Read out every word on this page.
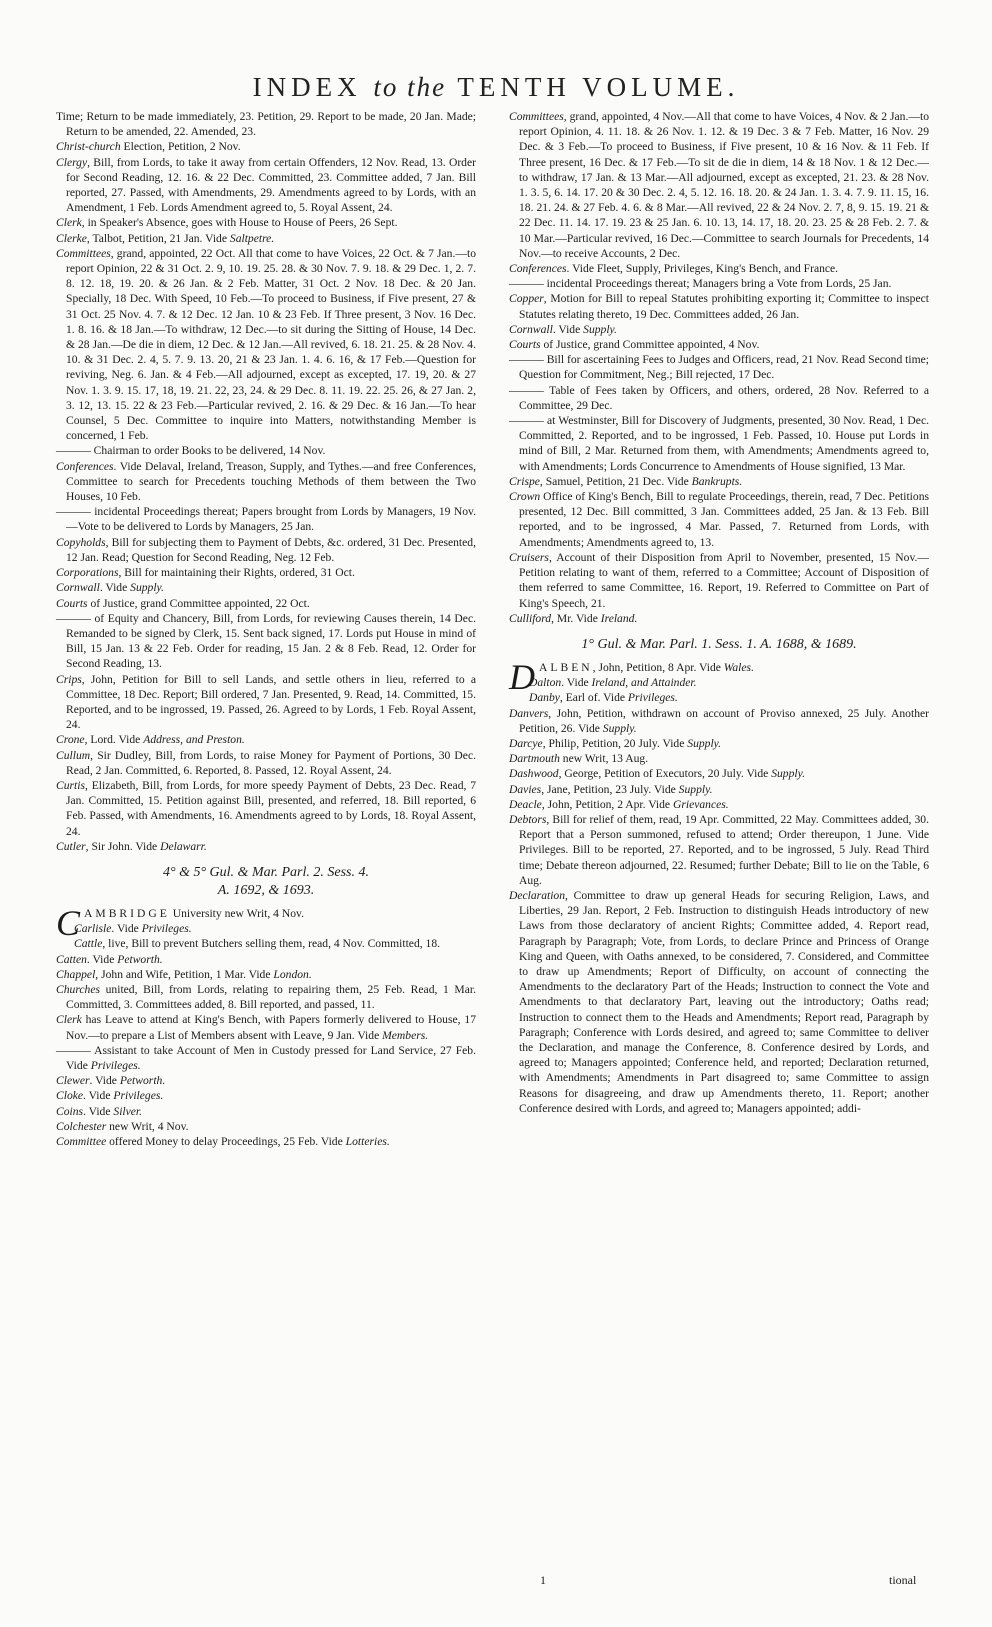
INDEX to the TENTH VOLUME.

Time; Return to be made immediately, 23. Petition, 29. Report to be made, 20 Jan. Made; Return to be amended, 22. Amended, 23.

Christ-church Election, Petition, 2 Nov.

Clergy, Bill, from Lords, to take it away from certain Offenders, 12 Nov. Read, 13. Order for Second Reading, 12. 16. & 22 Dec. Committed, 23. Committee added, 7 Jan. Bill reported, 27. Passed, with Amendments, 29. Amendments agreed to by Lords, with an Amendment, 1 Feb. Lords Amendment agreed to, 5. Royal Assent, 24.

Clerk, in Speaker's Absence, goes with House to House of Peers, 26 Sept.

Clerke, Talbot, Petition, 21 Jan. Vide Saltpetre.

Committees, grand, appointed, 22 Oct. All that come to have Voices, 22 Oct. & 7 Jan.—to report Opinion, 22 & 31 Oct. 2. 9, 10. 19. 25. 28. & 30 Nov. 7. 9. 18. & 29 Dec. 1, 2. 7. 8. 12. 18, 19. 20. & 26 Jan. & 2 Feb. Matter, 31 Oct. 2 Nov. 18 Dec. & 20 Jan. Specially, 18 Dec. With Speed, 10 Feb.—To proceed to Business, if Five present, 27 & 31 Oct. 25 Nov. 4. 7. & 12 Dec. 12 Jan. 10 & 23 Feb. If Three present, 3 Nov. 16 Dec. 1. 8. 16. & 18 Jan.—To withdraw, 12 Dec.—to sit during the Sitting of House, 14 Dec. & 28 Jan.—De die in diem, 12 Dec. & 12 Jan.—All revived, 6. 18. 21. 25. & 28 Nov. 4. 10. & 31 Dec. 2. 4, 5. 7. 9. 13. 20, 21 & 23 Jan. 1. 4. 6. 16, & 17 Feb.—Question for reviving, Neg. 6. Jan. & 4 Feb.—All adjourned, except as excepted, 17. 19, 20. & 27 Nov. 1. 3. 9. 15. 17, 18, 19. 21. 22, 23, 24. & 29 Dec. 8. 11. 19. 22. 25. 26, & 27 Jan. 2, 3. 12, 13. 15. 22 & 23 Feb.—Particular revived, 2. 16. & 29 Dec. & 16 Jan.—To hear Counsel, 5 Dec. Committee to inquire into Matters, notwithstanding Member is concerned, 1 Feb.

——— Chairman to order Books to be delivered, 14 Nov.

Conferences. Vide Delaval, Ireland, Treason, Supply, and Tythes.—and free Conferences, Committee to search for Precedents touching Methods of them between the Two Houses, 10 Feb.

——— incidental Proceedings thereat; Papers brought from Lords by Managers, 19 Nov.—Vote to be delivered to Lords by Managers, 25 Jan.

Copyholds, Bill for subjecting them to Payment of Debts, &c. ordered, 31 Dec. Presented, 12 Jan. Read; Question for Second Reading, Neg. 12 Feb.

Corporations, Bill for maintaining their Rights, ordered, 31 Oct.

Cornwall. Vide Supply.

Courts of Justice, grand Committee appointed, 22 Oct.

——— of Equity and Chancery, Bill, from Lords, for reviewing Causes therein, 14 Dec. Remanded to be signed by Clerk, 15. Sent back signed, 17. Lords put House in mind of Bill, 15 Jan. 13 & 22 Feb. Order for reading, 15 Jan. 2 & 8 Feb. Read, 12. Order for Second Reading, 13.

Crips, John, Petition for Bill to sell Lands, and settle others in lieu, referred to a Committee, 18 Dec. Report; Bill ordered, 7 Jan. Presented, 9. Read, 14. Committed, 15. Reported, and to be ingrossed, 19. Passed, 26. Agreed to by Lords, 1 Feb. Royal Assent, 24.

Crone, Lord. Vide Address, and Preston.

Cullum, Sir Dudley, Bill, from Lords, to raise Money for Payment of Portions, 30 Dec. Read, 2 Jan. Committed, 6. Reported, 8. Passed, 12. Royal Assent, 24.

Curtis, Elizabeth, Bill, from Lords, for more speedy Payment of Debts, 23 Dec. Read, 7 Jan. Committed, 15. Petition against Bill, presented, and referred, 18. Bill reported, 6 Feb. Passed, with Amendments, 16. Amendments agreed to by Lords, 18. Royal Assent, 24.

Cutler, Sir John. Vide Delawarr.

4° & 5° Gul. & Mar. Parl. 2. Sess. 4.
A. 1692, & 1693.

CAMBRIDGE University new Writ, 4 Nov.

Carlisle. Vide Privileges.

Cattle, live, Bill to prevent Butchers selling them, read, 4 Nov. Committed, 18.

Catten. Vide Petworth.

Chappel, John and Wife, Petition, 1 Mar. Vide London.

Churches united, Bill, from Lords, relating to repairing them, 25 Feb. Read, 1 Mar. Committed, 3. Committees added, 8. Bill reported, and passed, 11.

Clerk has Leave to attend at King's Bench, with Papers formerly delivered to House, 17 Nov.—to prepare a List of Members absent with Leave, 9 Jan. Vide Members.

——— Assistant to take Account of Men in Custody pressed for Land Service, 27 Feb. Vide Privileges.

Clewer. Vide Petworth.

Cloke. Vide Privileges.

Coins. Vide Silver.

Colchester new Writ, 4 Nov.

Committee offered Money to delay Proceedings, 25 Feb. Vide Lotteries.

Committees, grand, appointed, 4 Nov.—All that come to have Voices, 4 Nov. & 2 Jan.—to report Opinion, 4. 11. 18. & 26 Nov. 1. 12. & 19 Dec. 3 & 7 Feb. Matter, 16 Nov. 29 Dec. & 3 Feb.—To proceed to Business, if Five present, 10 & 16 Nov. & 11 Feb. If Three present, 16 Dec. & 17 Feb.—To sit de die in diem, 14 & 18 Nov. 1 & 12 Dec.—to withdraw, 17 Jan. & 13 Mar.—All adjourned, except as excepted, 21. 23. & 28 Nov. 1. 3. 5, 6. 14. 17. 20 & 30 Dec. 2. 4, 5. 12. 16. 18. 20. & 24 Jan. 1. 3. 4. 7. 9. 11. 15, 16. 18. 21. 24. & 27 Feb. 4. 6. & 8 Mar.—All revived, 22 & 24 Nov. 2. 7, 8, 9. 15. 19. 21 & 22 Dec. 11. 14. 17. 19. 23 & 25 Jan. 6. 10. 13, 14. 17, 18. 20. 23. 25 & 28 Feb. 2. 7. & 10 Mar.—Particular revived, 16 Dec.—Committee to search Journals for Precedents, 14 Nov.—to receive Accounts, 2 Dec.

Conferences. Vide Fleet, Supply, Privileges, King's Bench, and France.

——— incidental Proceedings thereat; Managers bring a Vote from Lords, 25 Jan.

Copper, Motion for Bill to repeal Statutes prohibiting exporting it; Committee to inspect Statutes relating thereto, 19 Dec. Committees added, 26 Jan.

Cornwall. Vide Supply.

Courts of Justice, grand Committee appointed, 4 Nov.

——— Bill for ascertaining Fees to Judges and Officers, read, 21 Nov. Read Second time; Question for Commitment, Neg.; Bill rejected, 17 Dec.

——— Table of Fees taken by Officers, and others, ordered, 28 Nov. Referred to a Committee, 29 Dec.

——— at Westminster, Bill for Discovery of Judgments, presented, 30 Nov. Read, 1 Dec. Committed, 2. Reported, and to be ingrossed, 1 Feb. Passed, 10. House put Lords in mind of Bill, 2 Mar. Returned from them, with Amendments; Amendments agreed to, with Amendments; Lords Concurrence to Amendments of House signified, 13 Mar.

Crispe, Samuel, Petition, 21 Dec. Vide Bankrupts.

Crown Office of King's Bench, Bill to regulate Proceedings, therein, read, 7 Dec. Petitions presented, 12 Dec. Bill committed, 3 Jan. Committees added, 25 Jan. & 13 Feb. Bill reported, and to be ingrossed, 4 Mar. Passed, 7. Returned from Lords, with Amendments; Amendments agreed to, 13.

Cruisers, Account of their Disposition from April to November, presented, 15 Nov.—Petition relating to want of them, referred to a Committee; Account of Disposition of them referred to same Committee, 16. Report, 19. Referred to Committee on Part of King's Speech, 21.

Culliford, Mr. Vide Ireland.

1° Gul. & Mar. Parl. 1. Sess. 1. A. 1688, & 1689.

DALBEN, John, Petition, 8 Apr. Vide Wales.

Dalton. Vide Ireland, and Attainder.

Danby, Earl of. Vide Privileges.

Danvers, John, Petition, withdrawn on account of Proviso annexed, 25 July. Another Petition, 26. Vide Supply.

Darcye, Philip, Petition, 20 July. Vide Supply.

Dartmouth new Writ, 13 Aug.

Dashwood, George, Petition of Executors, 20 July. Vide Supply.

Davies, Jane, Petition, 23 July. Vide Supply.

Deacle, John, Petition, 2 Apr. Vide Grievances.

Debtors, Bill for relief of them, read, 19 Apr. Committed, 22 May. Committees added, 30. Report that a Person summoned, refused to attend; Order thereupon, 1 June. Vide Privileges. Bill to be reported, 27. Reported, and to be ingrossed, 5 July. Read Third time; Debate thereon adjourned, 22. Resumed; further Debate; Bill to lie on the Table, 6 Aug.

Declaration, Committee to draw up general Heads for securing Religion, Laws, and Liberties, 29 Jan. Report, 2 Feb. Instruction to distinguish Heads introductory of new Laws from those declaratory of ancient Rights; Committee added, 4. Report read, Paragraph by Paragraph; Vote, from Lords, to declare Prince and Princess of Orange King and Queen, with Oaths annexed, to be considered, 7. Considered, and Committee to draw up Amendments; Report of Difficulty, on account of connecting the Amendments to the declaratory Part of the Heads; Instruction to connect the Vote and Amendments to that declaratory Part, leaving out the introductory; Oaths read; Instruction to connect them to the Heads and Amendments; Report read, Paragraph by Paragraph; Conference with Lords desired, and agreed to; same Committee to deliver the Declaration, and manage the Conference, 8. Conference desired by Lords, and agreed to; Managers appointed; Conference held, and reported; Declaration returned, with Amendments; Amendments in Part disagreed to; same Committee to assign Reasons for disagreeing, and draw up Amendments thereto, 11. Report; another Conference desired with Lords, and agreed to; Managers appointed; addi-

1	tional
